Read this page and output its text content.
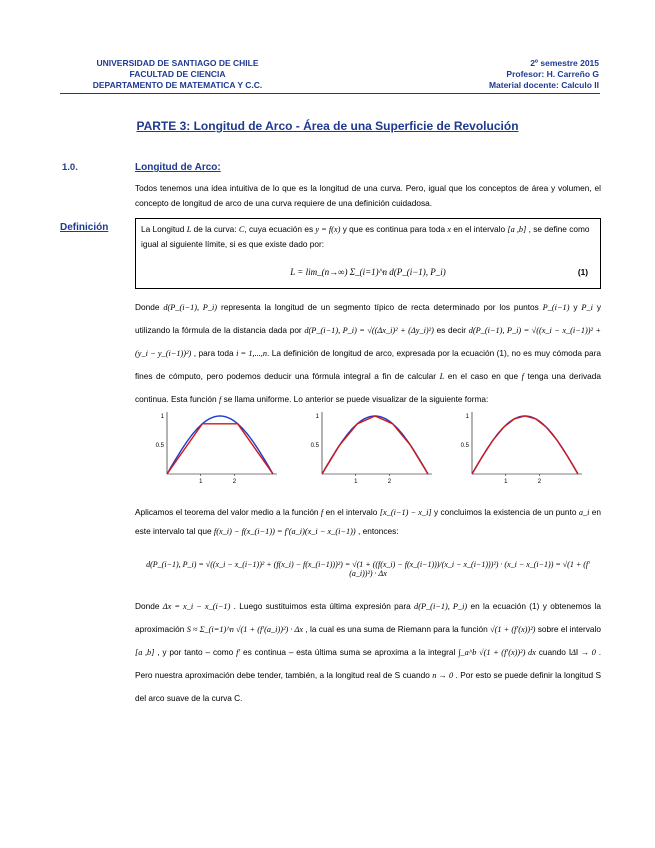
UNIVERSIDAD DE SANTIAGO DE CHILE
FACULTAD DE CIENCIA
DEPARTAMENTO DE MATEMATICA Y C.C.
2º semestre 2015
Profesor: H. Carreño G
Material docente: Calculo II
PARTE 3: Longitud de Arco - Área de una Superficie de Revolución
1.0.	Longitud de Arco:
Todos tenemos una idea intuitiva de lo que es la longitud de una curva. Pero, igual que los conceptos de área y volumen, el concepto de longitud de arco de una curva requiere de una definición cuidadosa.
Definición	La Longitud L de la curva: C, cuya ecuación es y = f(x) y que es continua para toda x en el intervalo [a ,b] , se define como igual al siguiente límite, si es que existe dado por:
L = lim_(n→∞) Σ_(i=1)^n d(P_(i−1), P_i)	(1)
Donde d(P_(i−1), P_i) representa la longitud de un segmento típico de recta determinado por los puntos P_(i−1) y P_i y utilizando la fórmula de la distancia dada por d(P_(i−1), P_i) = √((Δx_i)² + (Δy_i)²) es decir d(P_(i−1), P_i) = √((x_i − x_(i−1))² + (y_i − y_(i−1))²) , para toda i = 1,...,n. La definición de longitud de arco, expresada por la ecuación (1), no es muy cómoda para fines de cómputo, pero podemos deducir una fórmula integral a fin de calcular L en el caso en que f tenga una derivada continua. Esta función f se llama uniforme. Lo anterior se puede visualizar de la siguiente forma:
1
0.5
1	2
1
0.5
1	2
1
0.5
1	2
Aplicamos el teorema del valor medio a la función f en el intervalo [x_(i−1) − x_i] y concluimos la existencia de un punto a_i en este intervalo tal que f(x_i) − f(x_(i−1)) = f′(a_i)(x_i − x_(i−1)) , entonces:
d(P_(i−1), P_i) = √((x_i − x_(i−1))² + (f(x_i) − f(x_(i−1)))²) = √(1 + ((f(x_i) − f(x_(i−1)))/(x_i − x_(i−1)))²) · (x_i − x_(i−1)) = √(1 + (f′(a_i))²) · Δx
Donde Δx = x_i − x_(i−1) . Luego sustituimos esta última expresión para d(P_(i−1), P_i) en la ecuación (1) y obtenemos la aproximación S ≈ Σ_(i=1)^n √(1 + (f′(a_i))²) · Δx , la cual es una suma de Riemann para la función √(1 + (f′(x))²) sobre el intervalo [a ,b] , y por tanto – como f′ es continua – esta última suma se aproxima a la integral ∫_a^b √(1 + (f′(x))²) dx cuando ‖Δ‖ → 0 . Pero nuestra aproximación debe tender, también, a la longitud real de S cuando n → 0 . Por esto se puede definir la longitud S del arco suave de la curva C.
